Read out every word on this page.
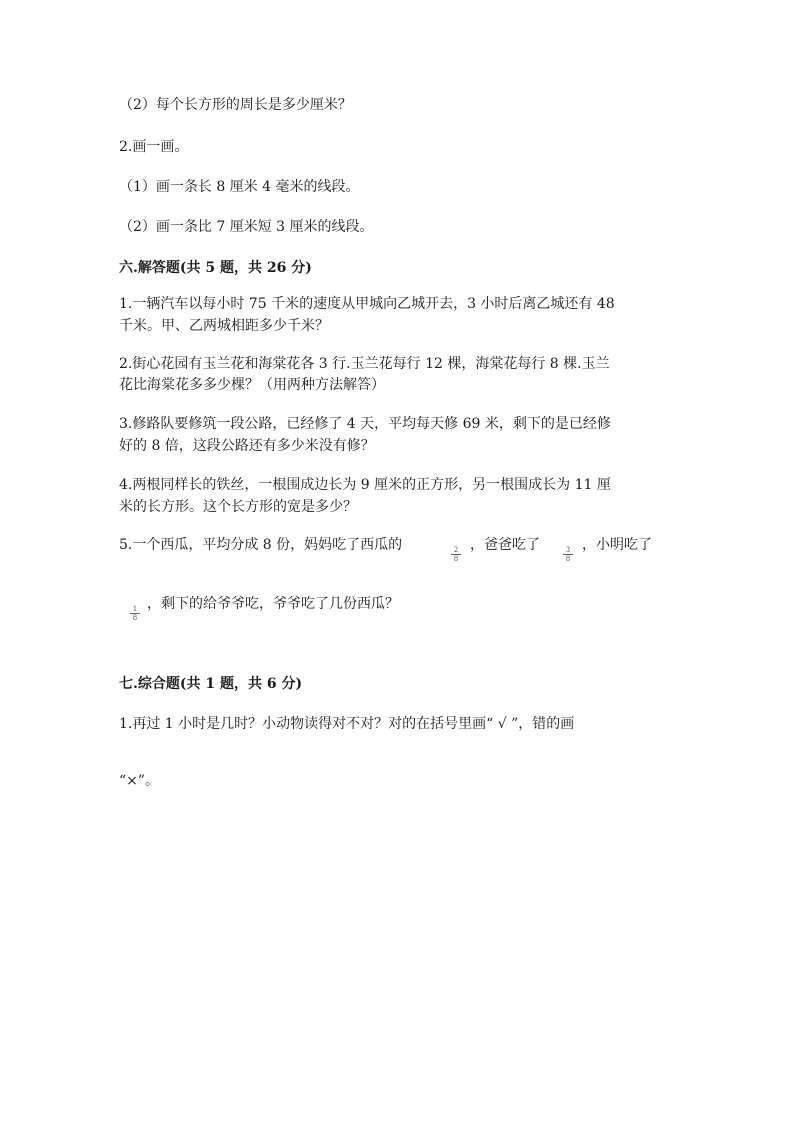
（2）每个长方形的周长是多少厘米？
2.画一画。
（1）画一条长 8 厘米 4 毫米的线段。
（2）画一条比 7 厘米短 3 厘米的线段。
六.解答题(共 5 题，共 26 分)
1.一辆汽车以每小时 75 千米的速度从甲城向乙城开去，3 小时后离乙城还有 48
千米。甲、乙两城相距多少千米？
2.街心花园有玉兰花和海棠花各 3 行.玉兰花每行 12 棵，海棠花每行 8 棵.玉兰
花比海棠花多多少棵？（用两种方法解答）
3.修路队要修筑一段公路，已经修了 4 天，平均每天修 69 米，剩下的是已经修
好的 8 倍，这段公路还有多少米没有修？
4.两根同样长的铁丝，一根围成边长为 9 厘米的正方形，另一根围成长为 11 厘
米的长方形。这个长方形的宽是多少？
5.一个西瓜，平均分成 8 份，妈妈吃了西瓜的	2
8
，爸爸吃了	3
8
，小明吃了
1
8
，剩下的给爷爷吃，爷爷吃了几份西瓜？
七.综合题(共 1 题，共 6 分)
1.再过 1 小时是几时？小动物读得对不对？对的在括号里画“ √ ”，错的画
“×”。
